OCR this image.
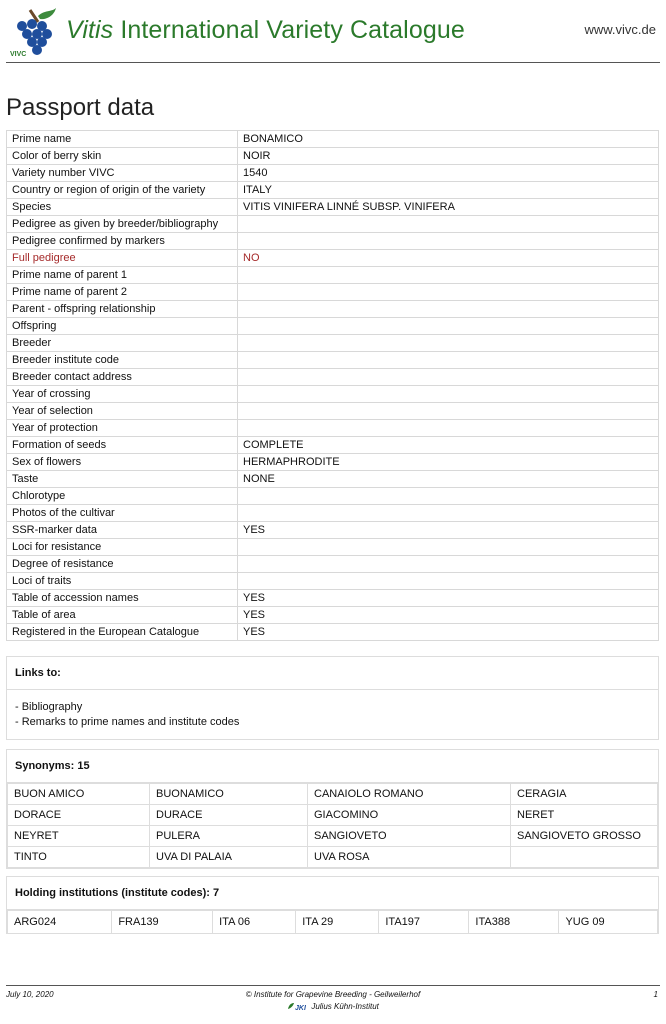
VIVC
Vitis International Variety Catalogue	www.vivc.de
Passport data
Prime name	BONAMICO
Color of berry skin	NOIR
Variety number VIVC	1540
Country or region of origin of the variety	ITALY
Species	VITIS VINIFERA LINNÉ SUBSP. VINIFERA
Pedigree as given by breeder/bibliography	
Pedigree confirmed by markers	
Full pedigree	NO
Prime name of parent 1	
Prime name of parent 2	
Parent - offspring relationship	
Offspring	
Breeder	
Breeder institute code	
Breeder contact address	
Year of crossing	
Year of selection	
Year of protection	
Formation of seeds	COMPLETE
Sex of flowers	HERMAPHRODITE
Taste	NONE
Chlorotype	
Photos of the cultivar	
SSR-marker data	YES
Loci for resistance	
Degree of resistance	
Loci of traits	
Table of accession names	YES
Table of area	YES
Registered in the European Catalogue	YES
Links to:
- Bibliography
- Remarks to prime names and institute codes
Synonyms: 15
BUON AMICO	BUONAMICO	CANAIOLO ROMANO	CERAGIA
DORACE	DURACE	GIACOMINO	NERET
NEYRET	PULERA	SANGIOVETO	SANGIOVETO GROSSO
TINTO	UVA DI PALAIA	UVA ROSA	
Holding institutions (institute codes): 7
ARG024	FRA139	ITA 06	ITA 29	ITA197	ITA388	YUG 09
July 10, 2020	© Institute for Grapevine Breeding - Geilweilerhof
JKI Julius Kühn-Institut
1
